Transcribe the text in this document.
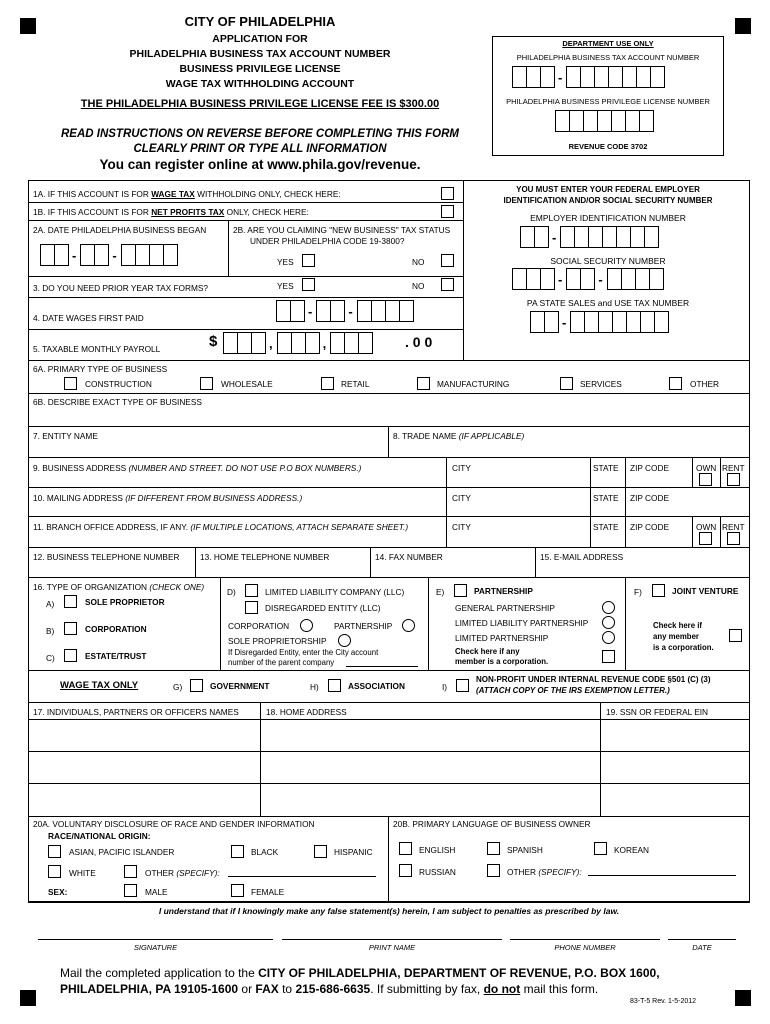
CITY OF PHILADELPHIA
APPLICATION FOR
PHILADELPHIA BUSINESS TAX ACCOUNT NUMBER
BUSINESS PRIVILEGE LICENSE
WAGE TAX WITHHOLDING ACCOUNT
THE PHILADELPHIA BUSINESS PRIVILEGE LICENSE FEE IS $300.00
READ INSTRUCTIONS ON REVERSE BEFORE COMPLETING THIS FORM
CLEARLY PRINT OR TYPE ALL INFORMATION
You can register online at www.phila.gov/revenue.
DEPARTMENT USE ONLY
PHILADELPHIA BUSINESS TAX ACCOUNT NUMBER
-
PHILADELPHIA BUSINESS PRIVILEGE LICENSE NUMBER
REVENUE CODE 3702
1A. IF THIS ACCOUNT IS FOR WAGE TAX WITHHOLDING ONLY, CHECK HERE:
1B. IF THIS ACCOUNT IS FOR NET PROFITS TAX ONLY, CHECK HERE:
2A. DATE PHILADELPHIA BUSINESS BEGAN
-	-
2B. ARE YOU CLAIMING "NEW BUSINESS" TAX STATUS
UNDER PHILADELPHIA CODE 19-3800?
YES	NO
3. DO YOU NEED PRIOR YEAR TAX FORMS?	YES	NO
4. DATE WAGES FIRST PAID	-	-
5. TAXABLE MONTHLY PAYROLL	$	,	,	. 0 0
YOU MUST ENTER YOUR FEDERAL EMPLOYER
IDENTIFICATION AND/OR SOCIAL SECURITY NUMBER
EMPLOYER IDENTIFICATION NUMBER
-
SOCIAL SECURITY NUMBER
-	-
PA STATE SALES and USE TAX NUMBER
-
6A. PRIMARY TYPE OF BUSINESS
CONSTRUCTION	WHOLESALE	RETAIL	MANUFACTURING	SERVICES	OTHER
6B. DESCRIBE EXACT TYPE OF BUSINESS
7. ENTITY NAME	8. TRADE NAME (IF APPLICABLE)
9. BUSINESS ADDRESS (NUMBER AND STREET. DO NOT USE P.O BOX NUMBERS.)	CITY	STATE ZIP CODE	OWN RENT
10. MAILING ADDRESS (IF DIFFERENT FROM BUSINESS ADDRESS.)	CITY	STATE ZIP CODE
11. BRANCH OFFICE ADDRESS, IF ANY. (IF MULTIPLE LOCATIONS, ATTACH SEPARATE SHEET.)	CITY	STATE ZIP CODE	OWN RENT
12. BUSINESS TELEPHONE NUMBER 13. HOME TELEPHONE NUMBER	14. FAX NUMBER	15. E-MAIL ADDRESS
16. TYPE OF ORGANIZATION (CHECK ONE)
A)	SOLE PROPRIETOR
B)	CORPORATION
C)	ESTATE/TRUST
D)	LIMITED LIABILITY COMPANY (LLC)
DISREGARDED ENTITY (LLC)
CORPORATION	PARTNERSHIP
SOLE PROPRIETORSHIP
If Disregarded Entity, enter the City account
number of the parent company
E)	PARTNERSHIP
GENERAL PARTNERSHIP
LIMITED LIABILITY PARTNERSHIP
LIMITED PARTNERSHIP
Check here if any
member is a corporation.
F)	JOINT VENTURE
Check here if
any member
is a corporation.
WAGE TAX ONLY	G)	GOVERNMENT	H)	ASSOCIATION	I)
NON-PROFIT UNDER INTERNAL REVENUE CODE §501 (C) (3)
(ATTACH COPY OF THE IRS EXEMPTION LETTER.)
17. INDIVIDUALS, PARTNERS OR OFFICERS NAMES	18. HOME ADDRESS	19. SSN OR FEDERAL EIN
20A. VOLUNTARY DISCLOSURE OF RACE AND GENDER INFORMATION
RACE/NATIONAL ORIGIN:
ASIAN, PACIFIC ISLANDER	BLACK	HISPANIC
WHITE	OTHER (SPECIFY):
SEX:	MALE	FEMALE
20B. PRIMARY LANGUAGE OF BUSINESS OWNER
ENGLISH	SPANISH	KOREAN
RUSSIAN	OTHER (SPECIFY):
I understand that if I knowingly make any false statement(s) herein, I am subject to penalties as prescribed by law.
SIGNATURE	PRINT NAME	PHONE NUMBER	DATE
Mail the completed application to the CITY OF PHILADELPHIA, DEPARTMENT OF REVENUE, P.O. BOX 1600,
PHILADELPHIA, PA 19105-1600 or FAX to 215-686-6635. If submitting by fax, do not mail this form.
83-T-5 Rev. 1-5-2012
